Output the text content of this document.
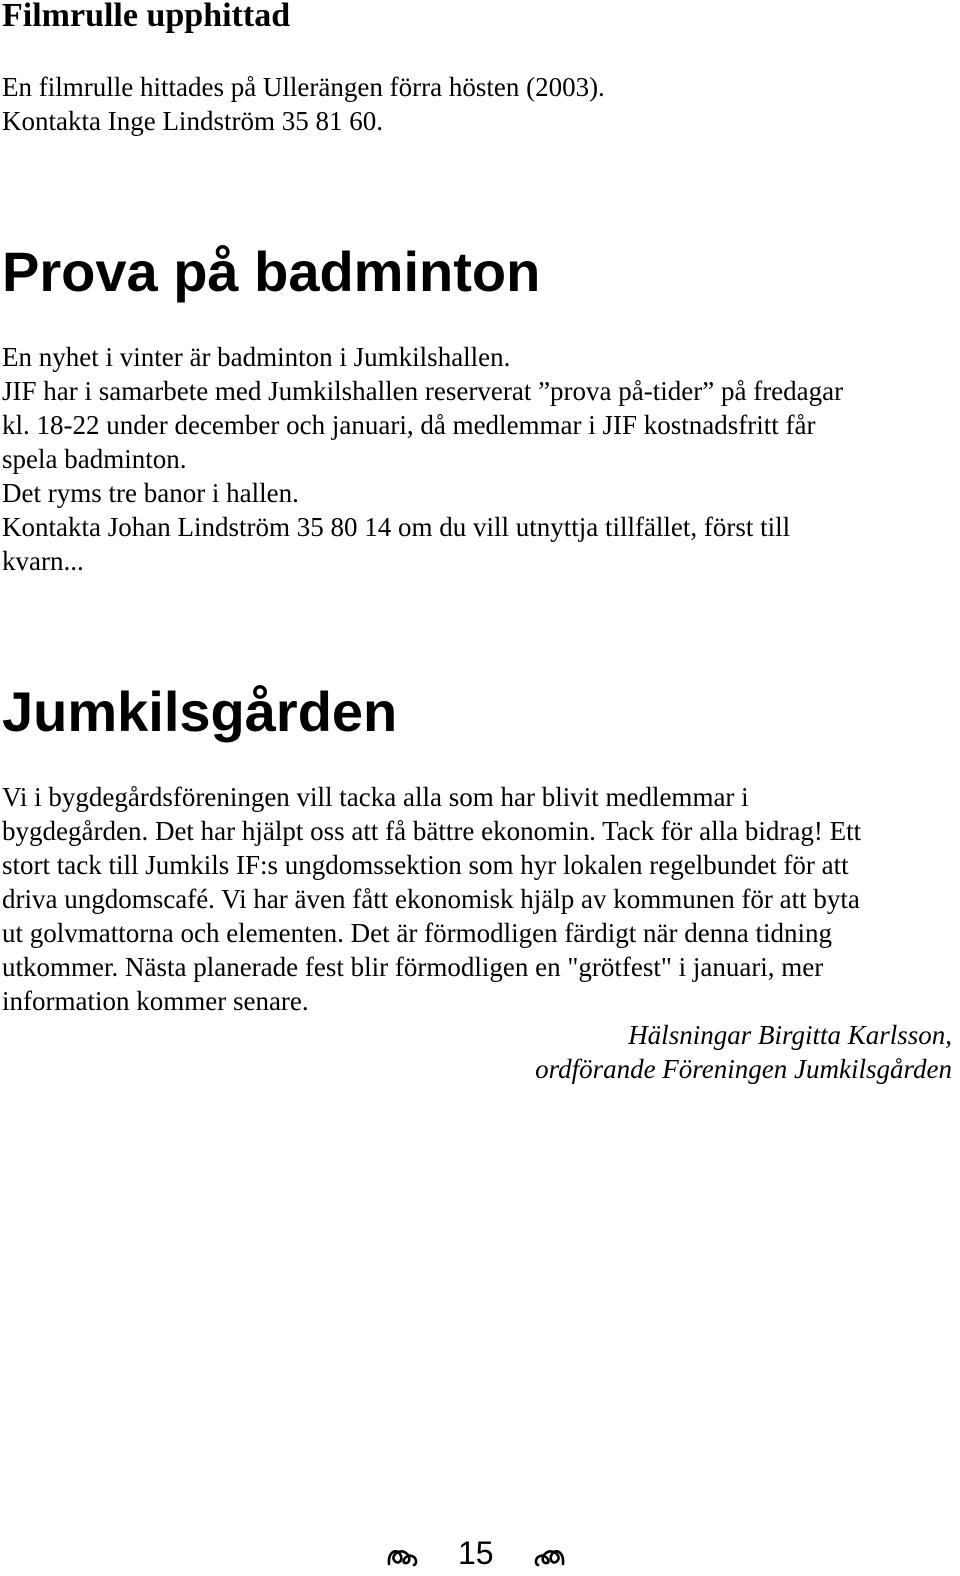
Filmrulle upphittad

En filmrulle hittades på Ullerängen förra hösten (2003).

Kontakta Inge Lindström 35 81 60.

Prova på badminton

En nyhet i vinter är badminton i Jumkilshallen.

JIF har i samarbete med Jumkilshallen reserverat ”prova på-tider” på fredagar

kl. 18-22 under december och januari, då medlemmar i JIF kostnadsfritt får

spela badminton.

Det ryms tre banor i hallen.

Kontakta Johan Lindström 35 80 14 om du vill utnyttja tillfället, först till

kvarn...

Jumkilsgården

Vi i bygdegårdsföreningen vill tacka alla som har blivit medlemmar i

bygdegården. Det har hjälpt oss att få bättre ekonomin. Tack för alla bidrag! Ett

stort tack till Jumkils IF:s ungdomssektion som hyr lokalen regelbundet för att

driva ungdomscafé. Vi har även fått ekonomisk hjälp av kommunen för att byta

ut golvmattorna och elementen. Det är förmodligen färdigt när denna tidning

utkommer. Nästa planerade fest blir förmodligen en "grötfest" i januari, mer

information kommer senare.

Hälsningar Birgitta Karlsson,

ordförande Föreningen Jumkilsgården

15
